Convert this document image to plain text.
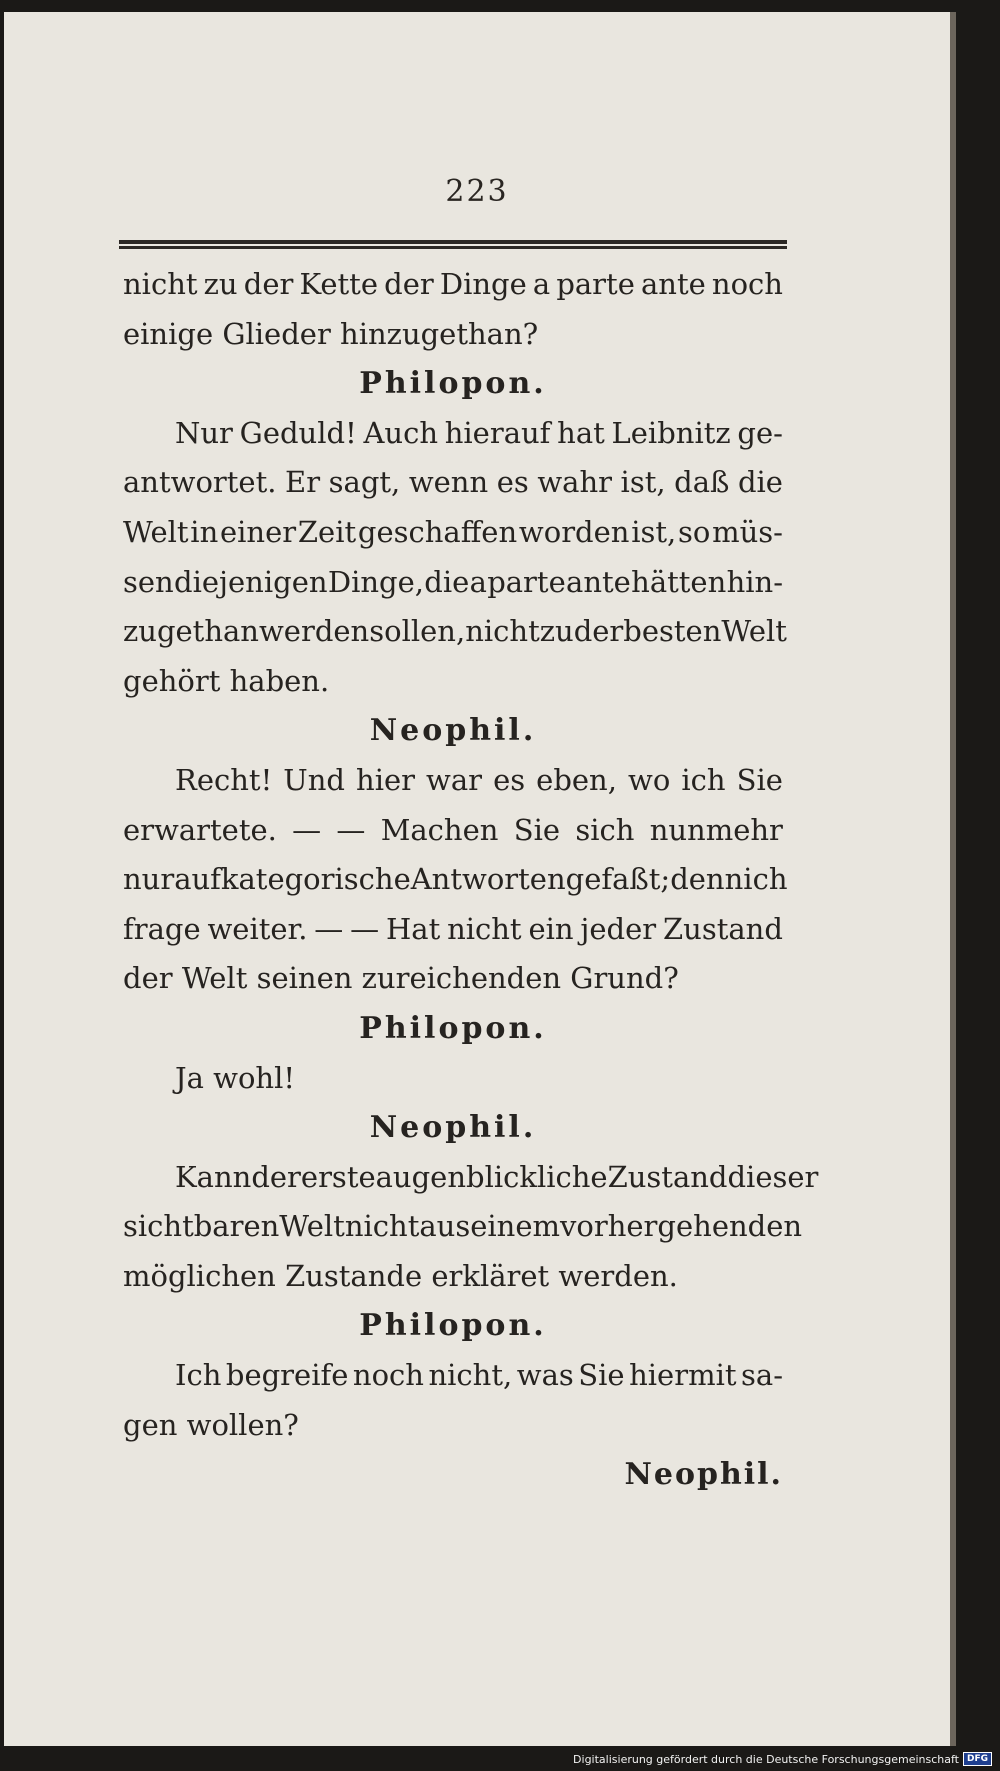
223
nicht zu der Kette der Dinge a parte ante noch
einige Glieder hinzugethan?
Philopon.
Nur Geduld! Auch hierauf hat Leibnitz ge-
antwortet. Er sagt, wenn es wahr ist, daß die
Welt in einer Zeit geschaffen worden ist, so müs-
sen diejenigen Dinge, die a parte ante hätten hin-
zugethan werden sollen, nicht zu der besten Welt
gehört haben.
Neophil.
Recht! Und hier war es eben, wo ich Sie
erwartete. — — Machen Sie sich nunmehr
nur auf kategorische Antworten gefaßt; denn ich
frage weiter. — — Hat nicht ein jeder Zustand
der Welt seinen zureichenden Grund?
Philopon.
Ja wohl!
Neophil.
Kann der erste augenblickliche Zustand dieser
sichtbaren Welt nicht aus einem vorhergehenden
möglichen Zustande erkläret werden.
Philopon.
Ich begreife noch nicht, was Sie hiermit sa-
gen wollen?
Neophil.
Digitalisierung gefördert durch die Deutsche Forschungsgemeinschaft DFG
